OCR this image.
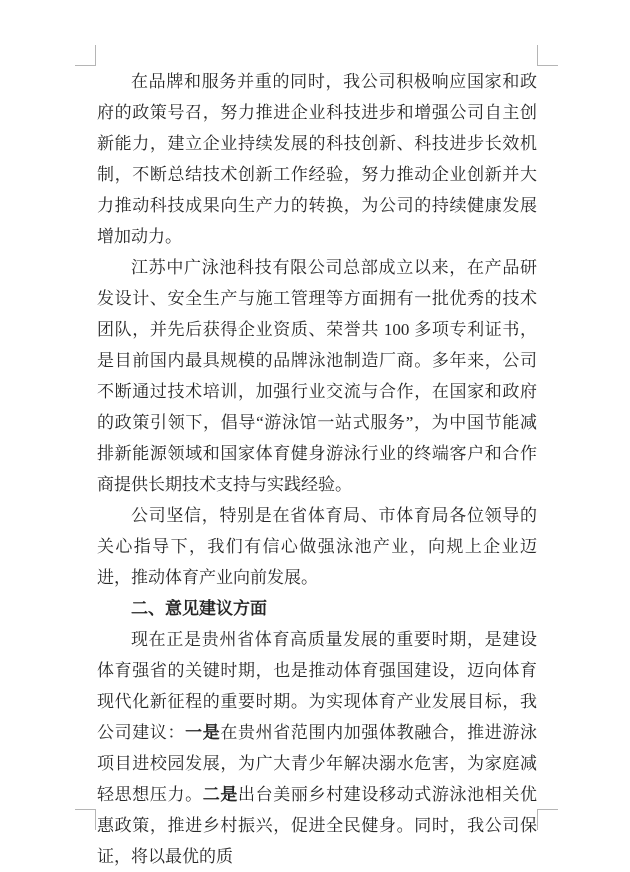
在品牌和服务并重的同时，我公司积极响应国家和政府的政策号召，努力推进企业科技进步和增强公司自主创新能力，建立企业持续发展的科技创新、科技进步长效机制，不断总结技术创新工作经验，努力推动企业创新并大力推动科技成果向生产力的转换，为公司的持续健康发展增加动力。

江苏中广泳池科技有限公司总部成立以来，在产品研发设计、安全生产与施工管理等方面拥有一批优秀的技术团队，并先后获得企业资质、荣誉共 100 多项专利证书，是目前国内最具规模的品牌泳池制造厂商。多年来，公司不断通过技术培训，加强行业交流与合作，在国家和政府的政策引领下，倡导“游泳馆一站式服务”，为中国节能减排新能源领域和国家体育健身游泳行业的终端客户和合作商提供长期技术支持与实践经验。

公司坚信，特别是在省体育局、市体育局各位领导的关心指导下，我们有信心做强泳池产业，向规上企业迈进，推动体育产业向前发展。

二、意见建议方面

现在正是贵州省体育高质量发展的重要时期，是建设体育强省的关键时期，也是推动体育强国建设，迈向体育现代化新征程的重要时期。为实现体育产业发展目标，我公司建议：一是在贵州省范围内加强体教融合，推进游泳项目进校园发展，为广大青少年解决溺水危害，为家庭减轻思想压力。二是出台美丽乡村建设移动式游泳池相关优惠政策，推进乡村振兴，促进全民健身。同时，我公司保证，将以最优的质
